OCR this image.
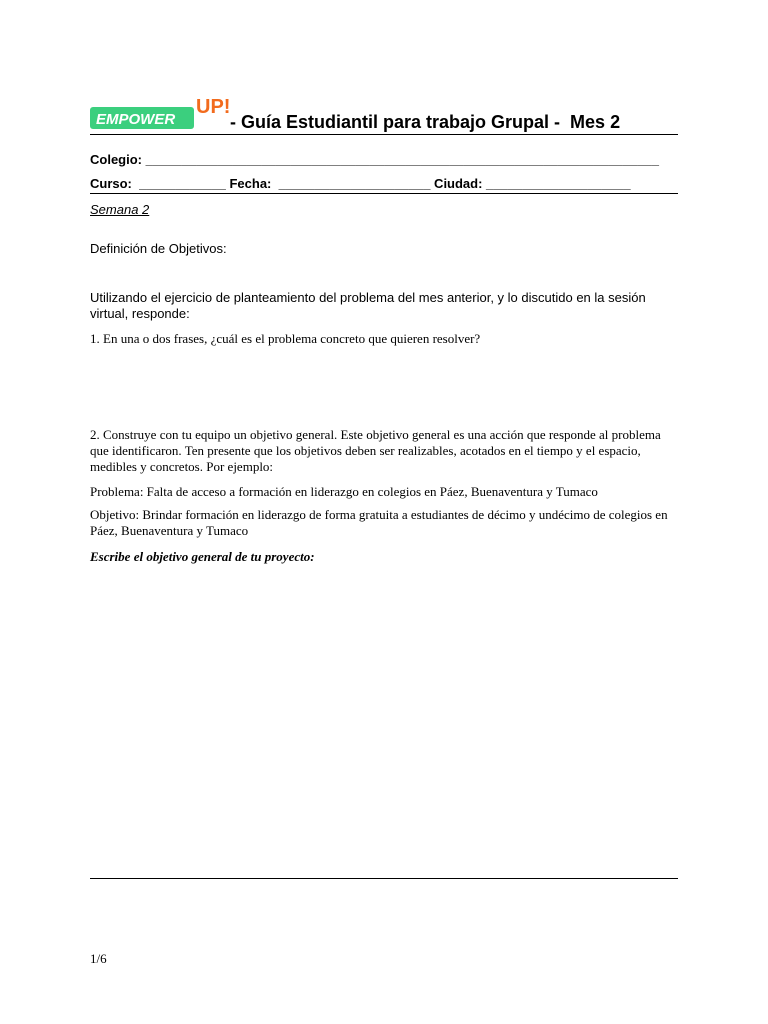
EMPOWER
UP!
- Guía Estudiantil para trabajo Grupal -  Mes 2
Colegio: _______________________________________________________________________
Curso:  ____________ Fecha:  _____________________ Ciudad: ____________________
Semana 2
Definición de Objetivos:
Utilizando el ejercicio de planteamiento del problema del mes anterior, y lo discutido en la sesión virtual, responde:
1. En una o dos frases, ¿cuál es el problema concreto que quieren resolver?
2. Construye con tu equipo un objetivo general. Este objetivo general es una acción que responde al problema que identificaron. Ten presente que los objetivos deben ser realizables, acotados en el tiempo y el espacio, medibles y concretos. Por ejemplo:
Problema: Falta de acceso a formación en liderazgo en colegios en Páez, Buenaventura y Tumaco
Objetivo: Brindar formación en liderazgo de forma gratuita a estudiantes de décimo y undécimo de colegios en Páez, Buenaventura y Tumaco
Escribe el objetivo general de tu proyecto:
1/6
